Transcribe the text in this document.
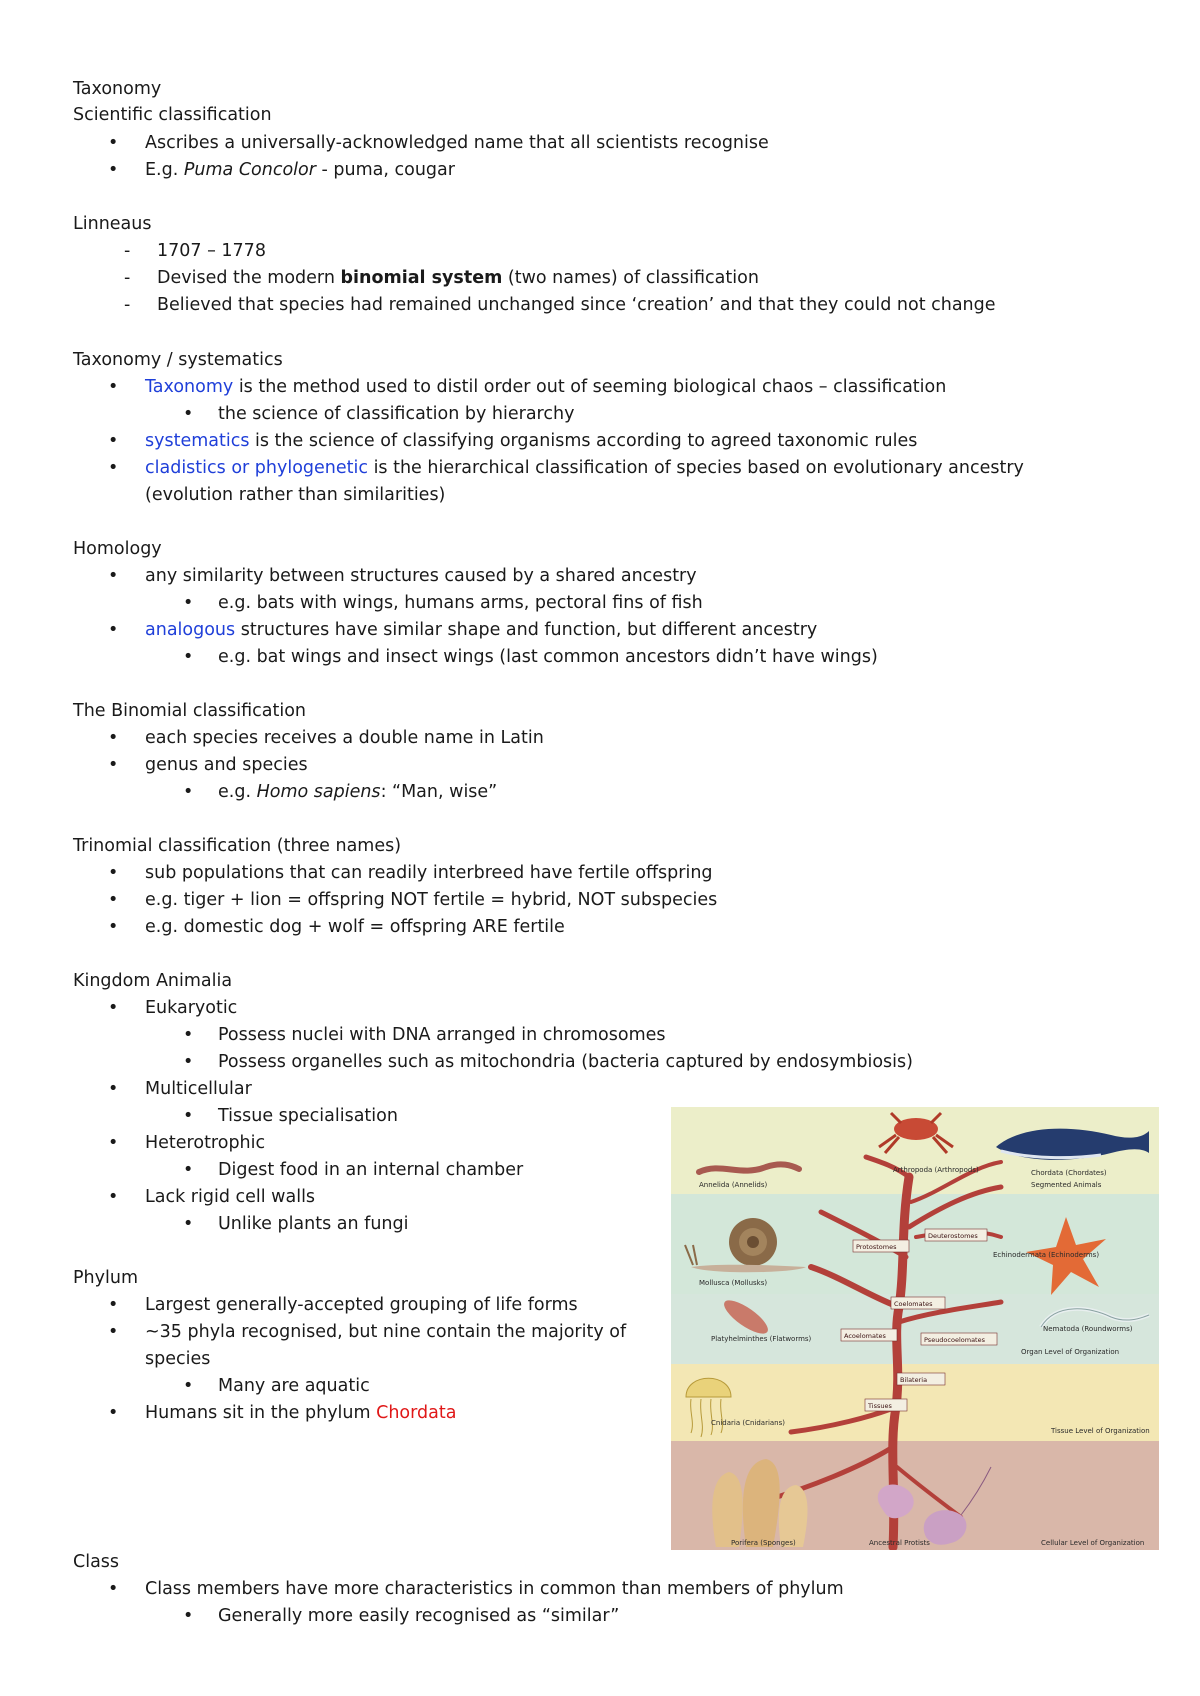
Taxonomy
Scientific classification
• Ascribes a universally-acknowledged name that all scientists recognise
• E.g. Puma Concolor - puma, cougar
Linneaus
- 1707 – 1778
- Devised the modern binomial system (two names) of classification
- Believed that species had remained unchanged since ‘creation’ and that they could not change
Taxonomy / systematics
• Taxonomy is the method used to distil order out of seeming biological chaos – classification
• the science of classification by hierarchy
• systematics is the science of classifying organisms according to agreed taxonomic rules
• cladistics or phylogenetic is the hierarchical classification of species based on evolutionary ancestry
(evolution rather than similarities)
Homology
• any similarity between structures caused by a shared ancestry
• e.g. bats with wings, humans arms, pectoral fins of fish
• analogous structures have similar shape and function, but different ancestry
• e.g. bat wings and insect wings (last common ancestors didn’t have wings)
The Binomial classification
• each species receives a double name in Latin
• genus and species
• e.g. Homo sapiens: “Man, wise”
Trinomial classification (three names)
• sub populations that can readily interbreed have fertile offspring
• e.g. tiger + lion = offspring NOT fertile = hybrid, NOT subspecies
• e.g. domestic dog + wolf = offspring ARE fertile
Kingdom Animalia
• Eukaryotic
• Possess nuclei with DNA arranged in chromosomes
• Possess organelles such as mitochondria (bacteria captured by endosymbiosis)
• Multicellular
• Tissue specialisation
• Heterotrophic
• Digest food in an internal chamber
• Lack rigid cell walls
• Unlike plants an fungi
Phylum
• Largest generally-accepted grouping of life forms
• ~35 phyla recognised, but nine contain the majority of
species
• Many are aquatic
• Humans sit in the phylum Chordata
Class
• Class members have more characteristics in common than members of phylum
• Generally more easily recognised as “similar”
Protostomes
Deuterostomes
Coelomates
Acoelomates	Pseudocoelomates
Bilateria
Tissues
Annelida (Annelids)
Arthropoda (Arthropods)	Chordata (Chordates)
Segmented Animals
Mollusca (Mollusks)
Echinodermata (Echinoderms)
Platyhelminthes (Flatworms)
Nematoda (Roundworms)
Organ Level of Organization
Cnidaria (Cnidarians)
Tissue Level of Organization
Porifera (Sponges)	Ancestral Protists	Cellular Level of Organization
